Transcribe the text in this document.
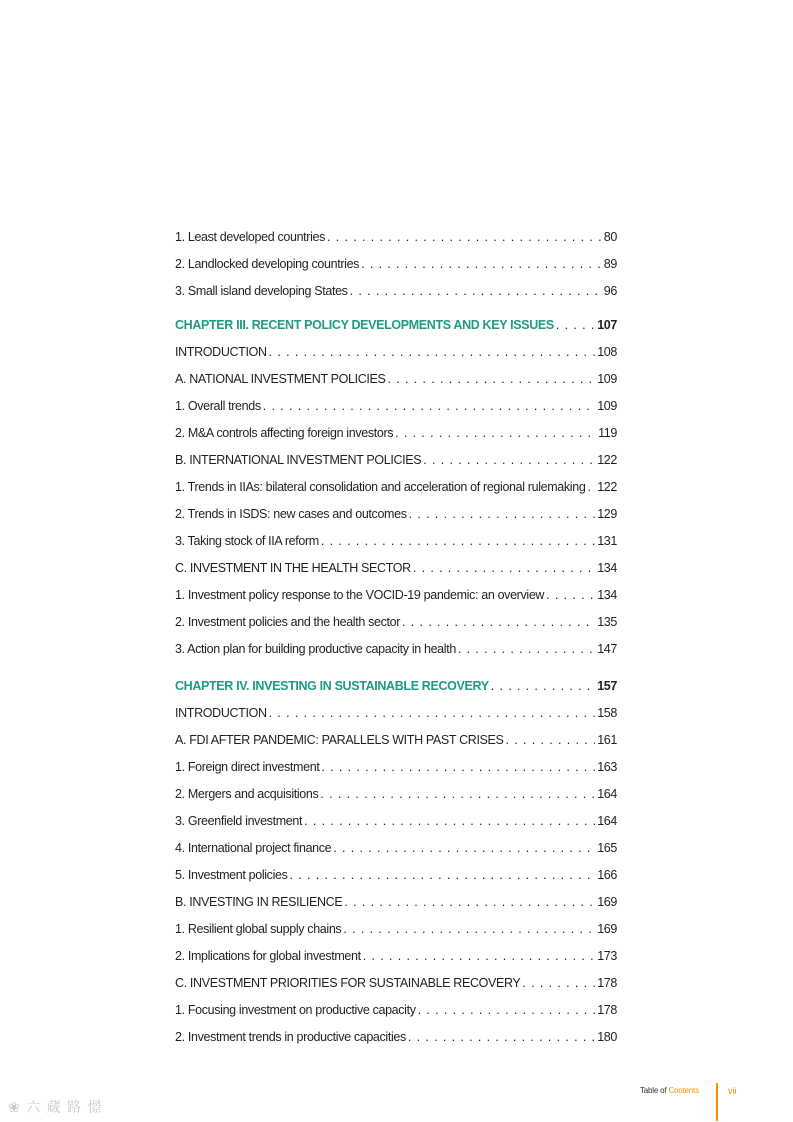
1. Least developed countries . . .	80
2. Landlocked developing countries . . .	89
3. Small island developing States . . .	96
CHAPTER III. RECENT POLICY DEVELOPMENTS AND KEY ISSUES . . .	107
INTRODUCTION . . .	108
A. NATIONAL INVESTMENT POLICIES . . .	109
1. Overall trends . . .	109
2. M&A controls affecting foreign investors . . .	119
B. INTERNATIONAL INVESTMENT POLICIES . . .	122
1. Trends in IIAs: bilateral consolidation and acceleration of regional rulemaking . . . 122
2. Trends in ISDS: new cases and outcomes . . .	129
3. Taking stock of IIA reform . . .	131
C. INVESTMENT IN THE HEALTH SECTOR . . .	134
1. Investment policy response to the VOCID-19 pandemic: an overview . . .	134
2. Investment policies and the health sector . . .	135
3. Action plan for building productive capacity in health . . .	147
CHAPTER IV. INVESTING IN SUSTAINABLE RECOVERY . . .	157
INTRODUCTION . . .	158
A. FDI AFTER PANDEMIC: PARALLELS WITH PAST CRISES . . .	161
1. Foreign direct investment . . .	163
2. Mergers and acquisitions . . .	164
3. Greenfield investment . . .	164
4. International project finance . . .	165
5. Investment policies . . .	166
B. INVESTING IN RESILIENCE . . .	169
1. Resilient global supply chains . . .	169
2. Implications for global investment . . .	173
C. INVESTMENT PRIORITIES FOR SUSTAINABLE RECOVERY . . .	178
1. Focusing investment on productive capacity . . .	178
2. Investment trends in productive capacities . . .	180
Table of Contents	vii
❀ 六 蔵 路 憬
